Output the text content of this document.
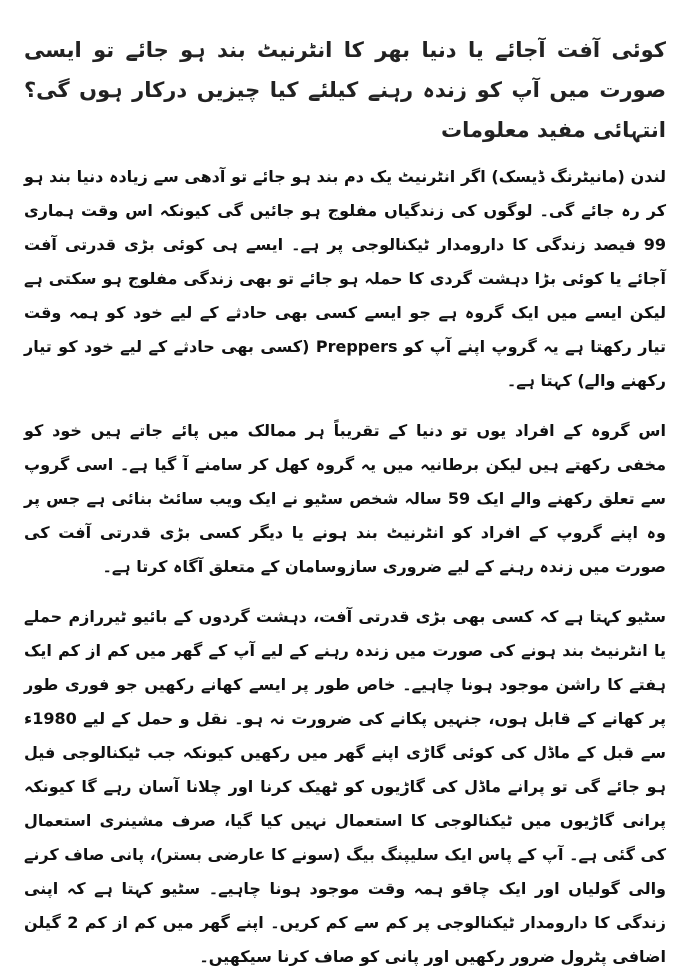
کوئی آفت آجائے یا دنیا بھر کا انٹرنیٹ بند ہو جائے تو ایسی صورت میں آپ کو زندہ رہنے کیلئے کیا چیزیں درکار ہوں گی؟ انتہائی مفید معلومات

لندن (مانیٹرنگ ڈیسک) اگر انٹرنیٹ یک دم بند ہو جائے تو آدھی سے زیادہ دنیا بند ہو کر رہ جائے گی۔ لوگوں کی زندگیاں مفلوج ہو جائیں گی کیونکہ اس وقت ہماری 99 فیصد زندگی کا دارومدار ٹیکنالوجی پر ہے۔ ایسے ہی کوئی بڑی قدرتی آفت آجائے یا کوئی بڑا دہشت گردی کا حملہ ہو جائے تو بھی زندگی مفلوج ہو سکتی ہے لیکن ایسے میں ایک گروہ ہے جو ایسے کسی بھی حادثے کے لیے خود کو ہمہ وقت تیار رکھتا ہے یہ گروپ اپنے آپ کو Preppers (کسی بھی حادثے کے لیے خود کو تیار رکھنے والے) کہتا ہے۔

اس گروہ کے افراد یوں تو دنیا کے تقریباً ہر ممالک میں پائے جاتے ہیں خود کو مخفی رکھتے ہیں لیکن برطانیہ میں یہ گروہ کھل کر سامنے آ گیا ہے۔ اسی گروپ سے تعلق رکھنے والے ایک 59 سالہ شخص سٹیو نے ایک ویب سائٹ بنائی ہے جس پر وہ اپنے گروپ کے افراد کو انٹرنیٹ بند ہونے یا دیگر کسی بڑی قدرتی آفت کی صورت میں زندہ رہنے کے لیے ضروری سازوسامان کے متعلق آگاہ کرتا ہے۔

سٹیو کہتا ہے کہ کسی بھی بڑی قدرتی آفت، دہشت گردوں کے بائیو ٹیررازم حملے یا انٹرنیٹ بند ہونے کی صورت میں زندہ رہنے کے لیے آپ کے گھر میں کم از کم ایک ہفتے کا راشن موجود ہونا چاہیے۔ خاص طور پر ایسے کھانے رکھیں جو فوری طور پر کھانے کے قابل ہوں، جنہیں پکانے کی ضرورت نہ ہو۔ نقل و حمل کے لیے 1980ء سے قبل کے ماڈل کی کوئی گاڑی اپنے گھر میں رکھیں کیونکہ جب ٹیکنالوجی فیل ہو جائے گی تو پرانے ماڈل کی گاڑیوں کو ٹھیک کرنا اور چلانا آسان رہے گا کیونکہ پرانی گاڑیوں میں ٹیکنالوجی کا استعمال نہیں کیا گیا، صرف مشینری استعمال کی گئی ہے۔ آپ کے پاس ایک سلیپنگ بیگ (سونے کا عارضی بستر)، پانی صاف کرنے والی گولیاں اور ایک چاقو ہمہ وقت موجود ہونا چاہیے۔ سٹیو کہتا ہے کہ اپنی زندگی کا دارومدار ٹیکنالوجی پر کم سے کم کریں۔ اپنے گھر میں کم از کم 2 گیلن اضافی پٹرول ضرور رکھیں اور پانی کو صاف کرنا سیکھیں۔
